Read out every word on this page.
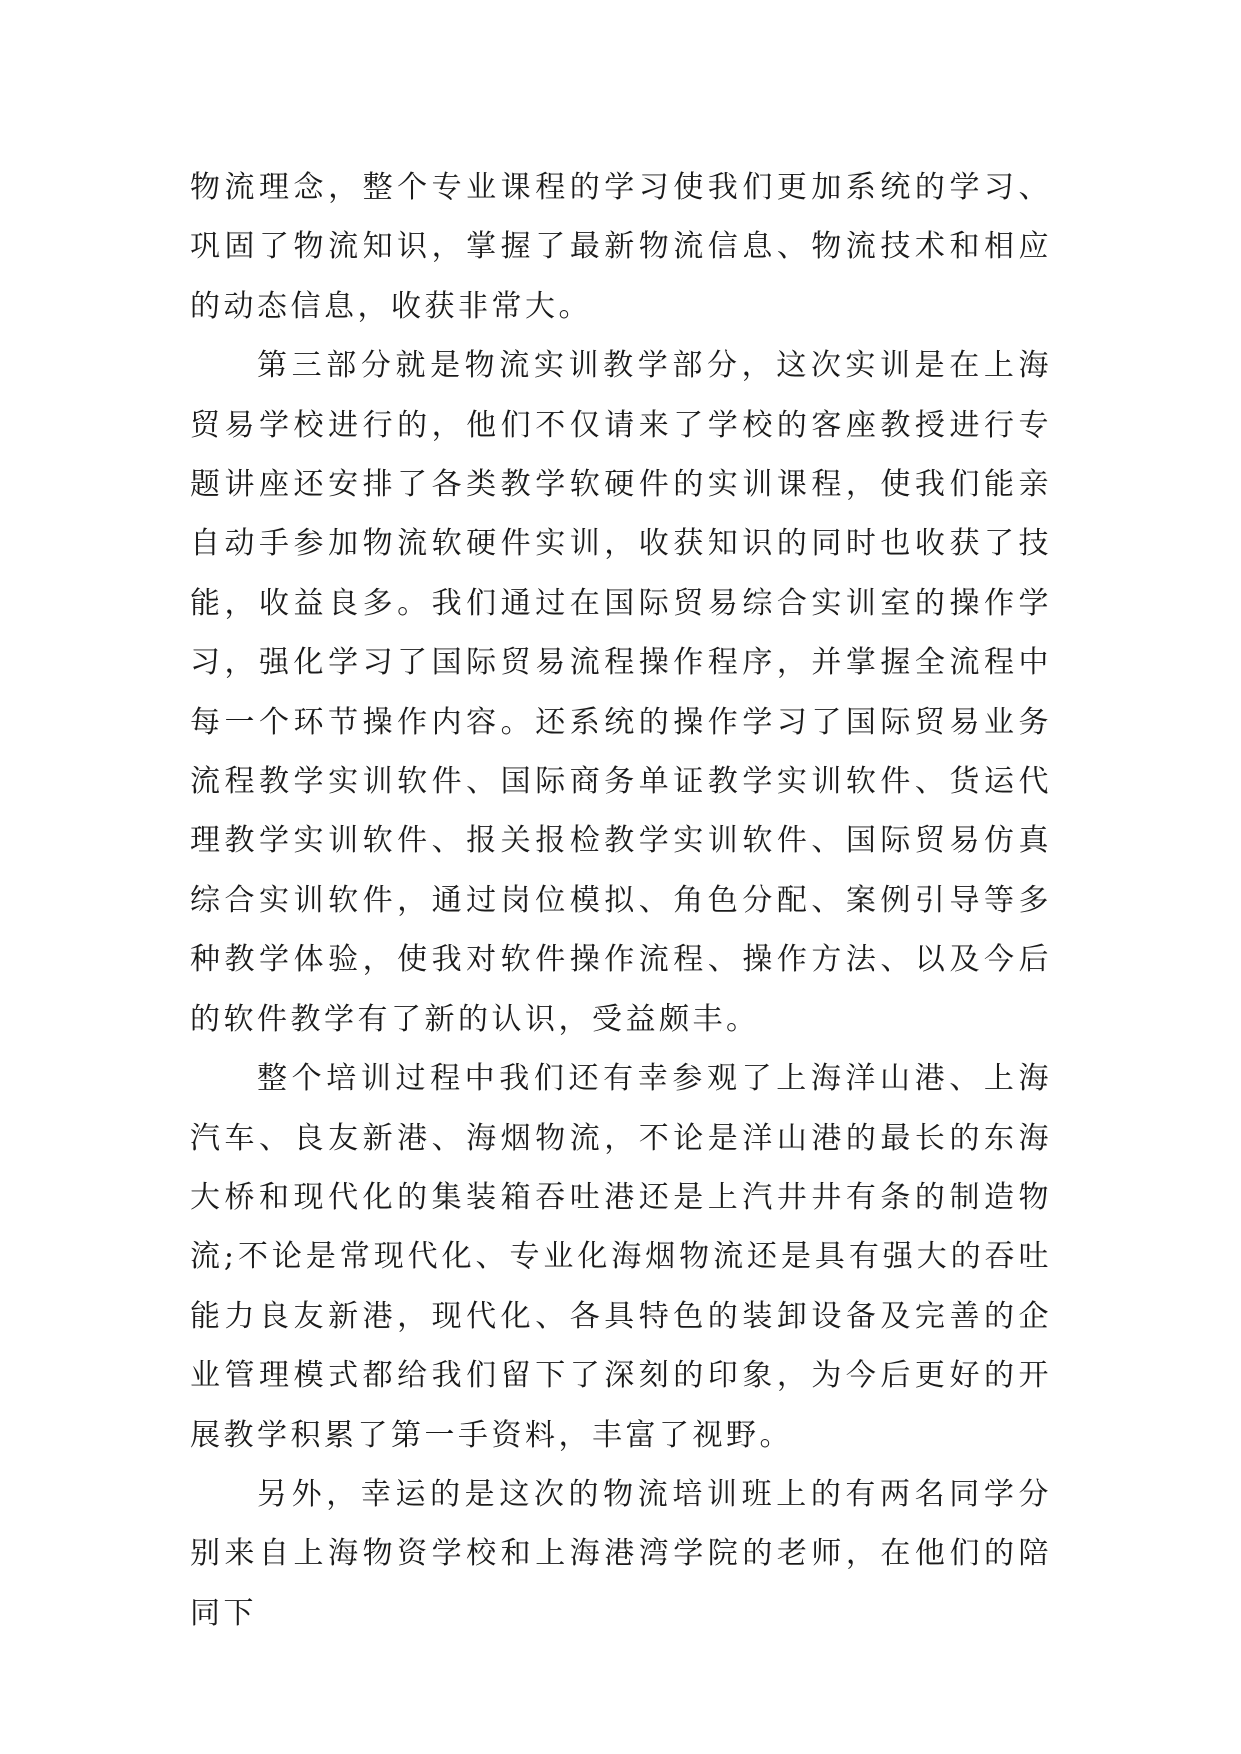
物流理念，整个专业课程的学习使我们更加系统的学习、巩固了物流知识，掌握了最新物流信息、物流技术和相应的动态信息，收获非常大。

第三部分就是物流实训教学部分，这次实训是在上海贸易学校进行的，他们不仅请来了学校的客座教授进行专题讲座还安排了各类教学软硬件的实训课程，使我们能亲自动手参加物流软硬件实训，收获知识的同时也收获了技能，收益良多。我们通过在国际贸易综合实训室的操作学习，强化学习了国际贸易流程操作程序，并掌握全流程中每一个环节操作内容。还系统的操作学习了国际贸易业务流程教学实训软件、国际商务单证教学实训软件、货运代理教学实训软件、报关报检教学实训软件、国际贸易仿真综合实训软件，通过岗位模拟、角色分配、案例引导等多种教学体验，使我对软件操作流程、操作方法、以及今后的软件教学有了新的认识，受益颇丰。

整个培训过程中我们还有幸参观了上海洋山港、上海汽车、良友新港、海烟物流，不论是洋山港的最长的东海大桥和现代化的集装箱吞吐港还是上汽井井有条的制造物流;不论是常现代化、专业化海烟物流还是具有强大的吞吐能力良友新港，现代化、各具特色的装卸设备及完善的企业管理模式都给我们留下了深刻的印象，为今后更好的开展教学积累了第一手资料，丰富了视野。

另外，幸运的是这次的物流培训班上的有两名同学分别来自上海物资学校和上海港湾学院的老师，在他们的陪同下
